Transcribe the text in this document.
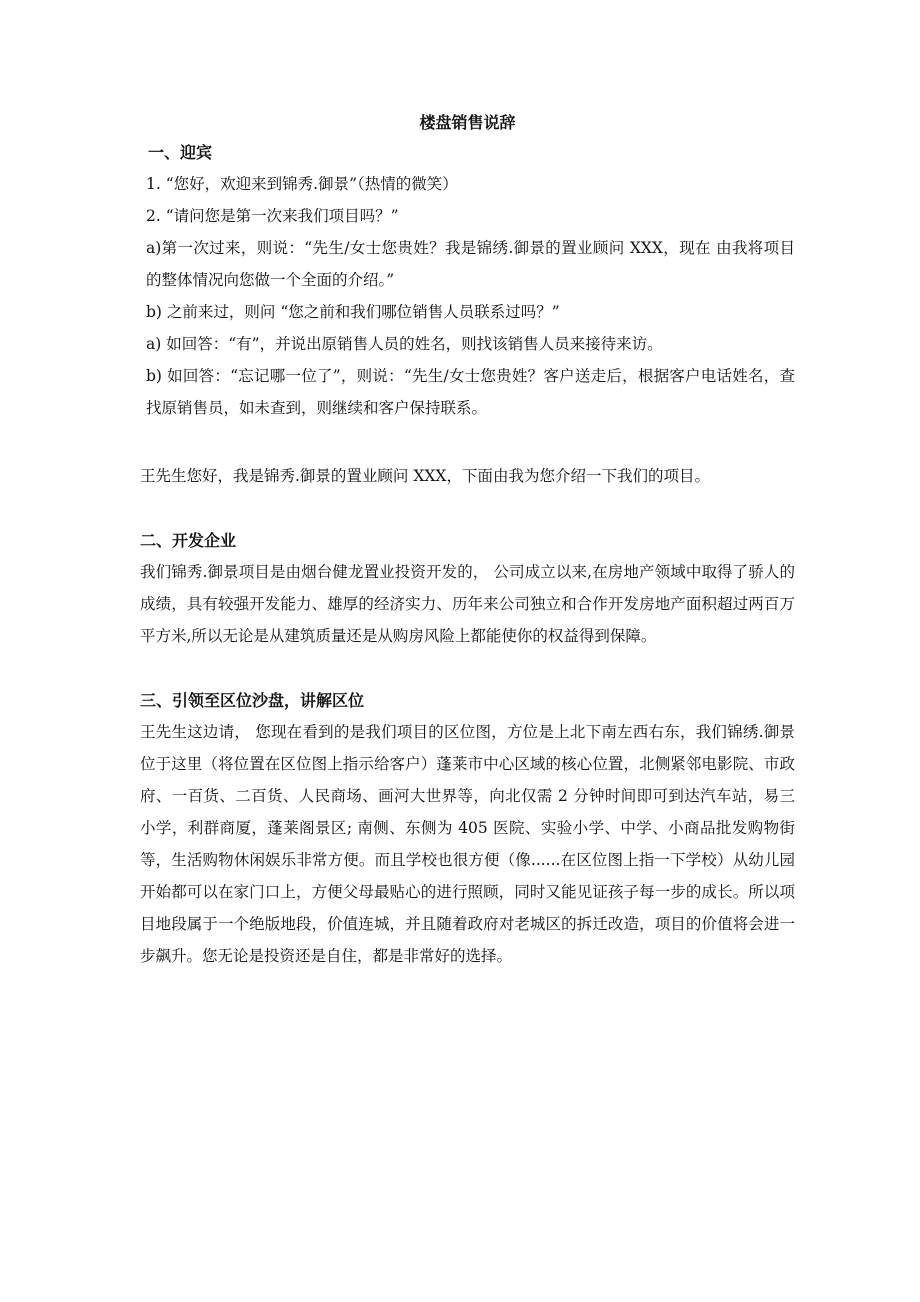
楼盘销售说辞
一、迎宾

1. “您好，欢迎来到锦秀.御景”（热情的微笑）

2. “请问您是第一次来我们项目吗？”

a)第一次过来，则说：“先生/女士您贵姓？我是锦绣.御景的置业顾问 XXX，现在 由我将项目的整体情况向您做一个全面的介绍。”

b) 之前来过，则问 “您之前和我们哪位销售人员联系过吗？”

a) 如回答：“有”，并说出原销售人员的姓名，则找该销售人员来接待来访。

b) 如回答：“忘记哪一位了”，则说：“先生/女士您贵姓？客户送走后，根据客户电话姓名，查找原销售员，如未查到，则继续和客户保持联系。

王先生您好，我是锦秀.御景的置业顾问 XXX，下面由我为您介绍一下我们的项目。

二、开发企业

我们锦秀.御景项目是由烟台健龙置业投资开发的， 公司成立以来,在房地产领域中取得了骄人的成绩，具有较强开发能力、雄厚的经济实力、历年来公司独立和合作开发房地产面积超过两百万平方米,所以无论是从建筑质量还是从购房风险上都能使你的权益得到保障。

三、引领至区位沙盘，讲解区位

王先生这边请， 您现在看到的是我们项目的区位图，方位是上北下南左西右东，我们锦绣.御景位于这里（将位置在区位图上指示给客户）蓬莱市中心区域的核心位置，北侧紧邻电影院、市政府、一百货、二百货、人民商场、画河大世界等，向北仅需 2 分钟时间即可到达汽车站，易三小学，利群商厦，蓬莱阁景区; 南侧、东侧为 405 医院、实验小学、中学、小商品批发购物街等，生活购物休闲娱乐非常方便。而且学校也很方便（像......在区位图上指一下学校）从幼儿园开始都可以在家门口上，方便父母最贴心的进行照顾，同时又能见证孩子每一步的成长。所以项目地段属于一个绝版地段，价值连城，并且随着政府对老城区的拆迁改造，项目的价值将会进一步飙升。您无论是投资还是自住，都是非常好的选择。
